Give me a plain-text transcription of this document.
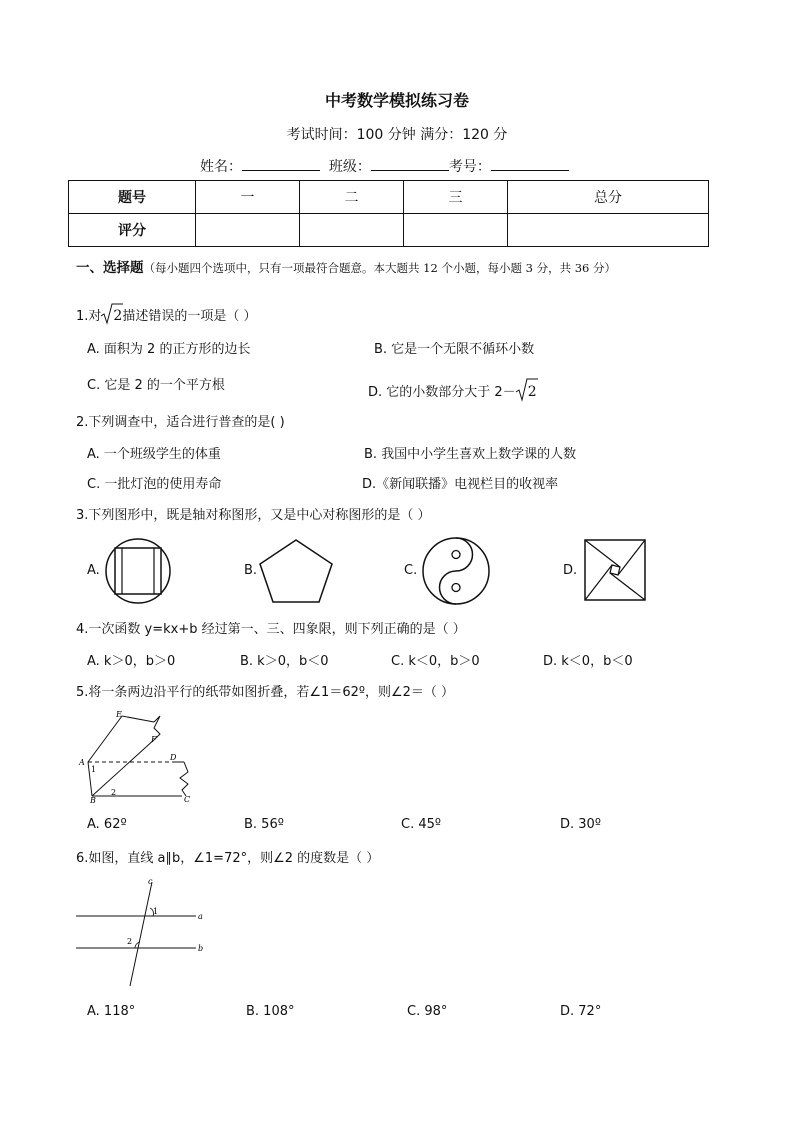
中考数学模拟练习卷
考试时间：100 分钟 满分：120 分
姓名：	班级：	考号：
题号	一	二	三	总分
评分				
一、选择题（每小题四个选项中，只有一项最符合题意。本大题共 12 个小题，每小题 3 分，共 36 分）
1.对 2描述错误的一项是（ ）
A. 面积为 2 的正方形的边长	B. 它是一个无限不循环小数
C. 它是 2 的一个平方根	D. 它的小数部分大于 2－ 2
2.下列调查中，适合进行普查的是( )
A. 一个班级学生的体重	B. 我国中小学生喜欢上数学课的人数
C. 一批灯泡的使用寿命	D.《新闻联播》电视栏目的收视率
3.下列图形中，既是轴对称图形，又是中心对称图形的是（ ）
A.	B.	C.	D.
4.一次函数 y=kx+b 经过第一、三、四象限，则下列正确的是（ ）
A. k＞0，b＞0	B. k＞0，b＜0	C. k＜0，b＞0	D. k＜0，b＜0
5.将一条两边沿平行的纸带如图折叠，若∠1＝62º，则∠2＝（ ）
E
F
A
D
1
B
2
C
A. 62º	B. 56º	C. 45º	D. 30º
6.如图，直线 a∥b，∠1=72°，则∠2 的度数是（ ）
c
a
b
1
2
A. 118°	B. 108°	C. 98°	D. 72°
